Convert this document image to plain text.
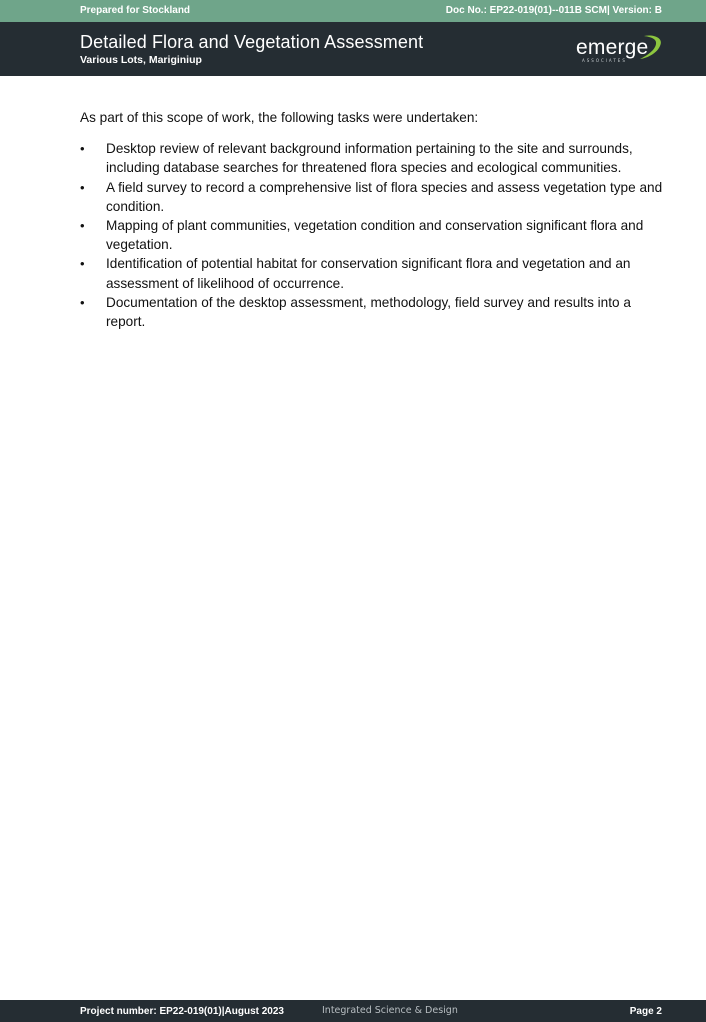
Prepared for Stockland	Doc No.: EP22-019(01)--011B SCM| Version: B
Detailed Flora and Vegetation Assessment
Various Lots, Mariginiup
emerge
ASSOCIATES

As part of this scope of work, the following tasks were undertaken:

•	Desktop review of relevant background information pertaining to the site and surrounds, including database searches for threatened flora species and ecological communities.
•	A field survey to record a comprehensive list of flora species and assess vegetation type and condition.
•	Mapping of plant communities, vegetation condition and conservation significant flora and vegetation.
•	Identification of potential habitat for conservation significant flora and vegetation and an assessment of likelihood of occurrence.
•	Documentation of the desktop assessment, methodology, field survey and results into a report.
Project number: EP22-019(01)|August 2023	Integrated Science & Design	Page 2
